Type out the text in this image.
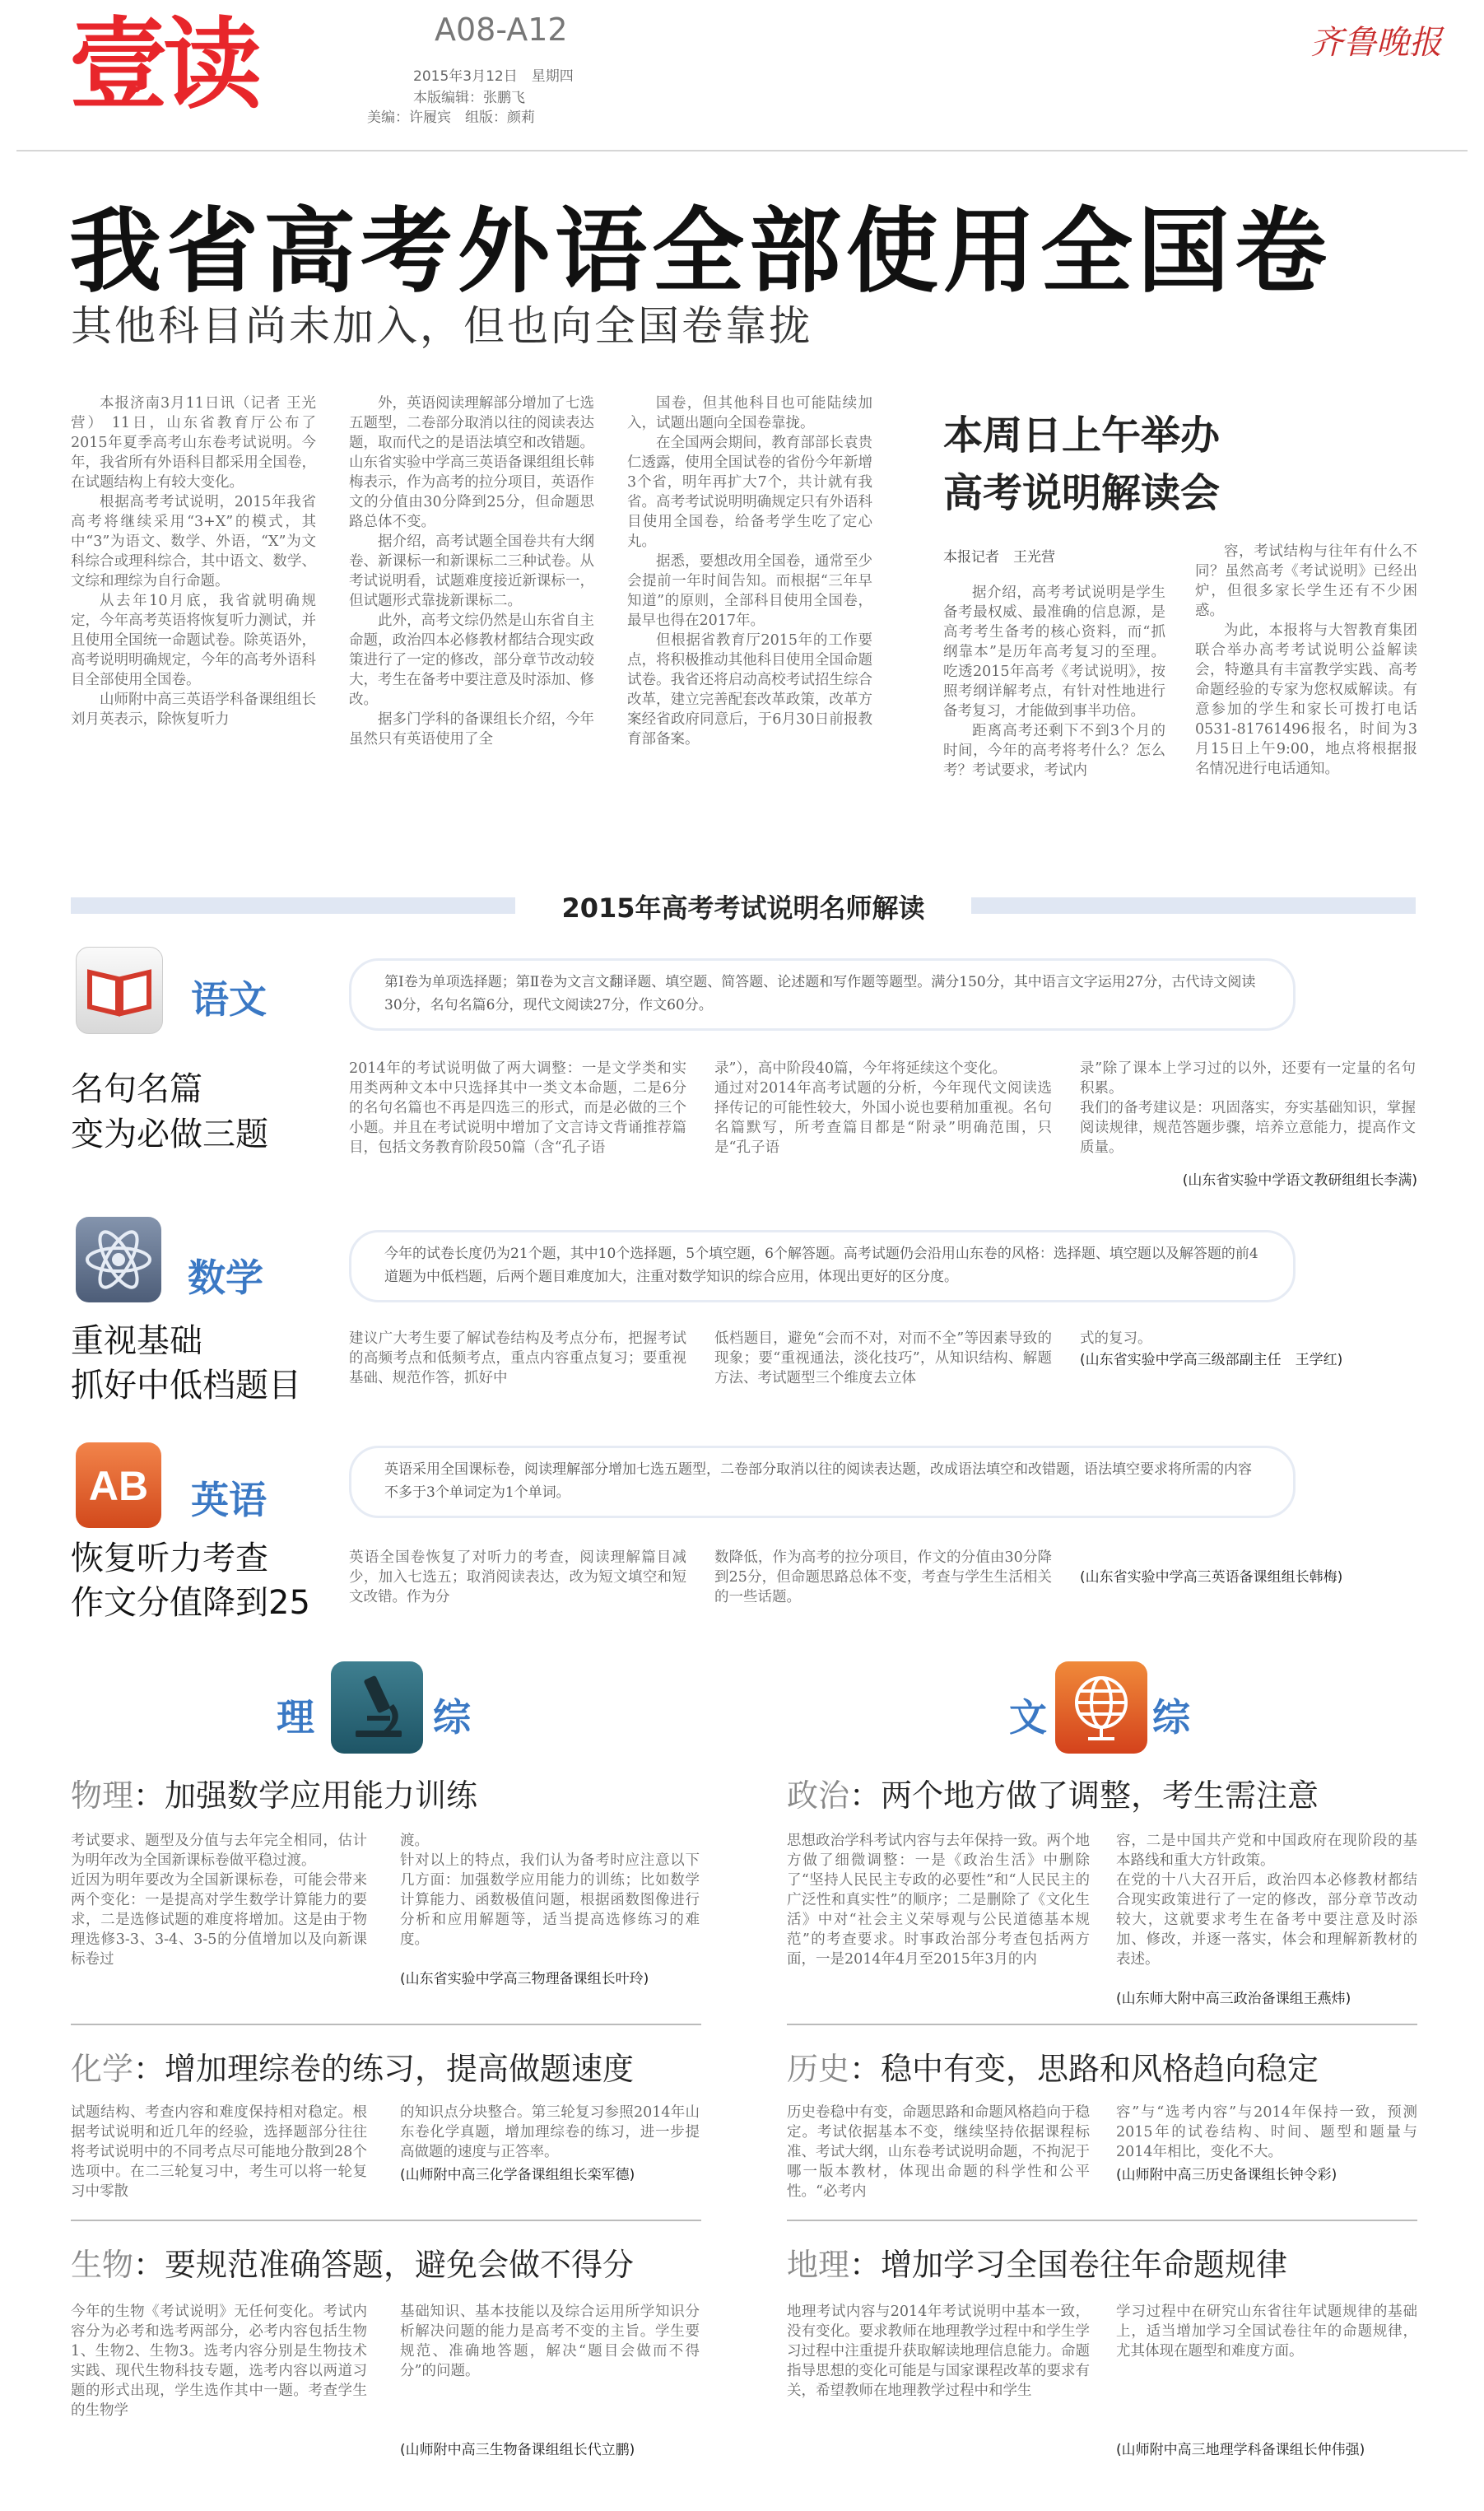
壹读	A08-A12
2015年3月12日　星期四
本版编辑：张鹏飞
美编：许履宾　组版：颜莉
齐鲁晚报
我省高考外语全部使用全国卷
其他科目尚未加入，但也向全国卷靠拢

本报济南3月11日讯（记者 王光营） 11日，山东省教育厅公布了2015年夏季高考山东卷考试说明。今年，我省所有外语科目都采用全国卷，在试题结构上有较大变化。

根据高考考试说明，2015年我省高考将继续采用“3+X”的模式，其中“3”为语文、数学、外语，“X”为文科综合或理科综合，其中语文、数学、文综和理综为自行命题。

从去年10月底，我省就明确规定，今年高考英语将恢复听力测试，并且使用全国统一命题试卷。除英语外，高考说明明确规定，今年的高考外语科目全部使用全国卷。

山师附中高三英语学科备课组组长刘月英表示，除恢复听力

外，英语阅读理解部分增加了七选五题型，二卷部分取消以往的阅读表达题，取而代之的是语法填空和改错题。山东省实验中学高三英语备课组组长韩梅表示，作为高考的拉分项目，英语作文的分值由30分降到25分，但命题思路总体不变。

据介绍，高考试题全国卷共有大纲卷、新课标一和新课标二三种试卷。从考试说明看，试题难度接近新课标一，但试题形式靠拢新课标二。

此外，高考文综仍然是山东省自主命题，政治四本必修教材都结合现实政策进行了一定的修改，部分章节改动较大，考生在备考中要注意及时添加、修改。

据多门学科的备课组长介绍，今年虽然只有英语使用了全

国卷，但其他科目也可能陆续加入，试题出题向全国卷靠拢。

在全国两会期间，教育部部长袁贵仁透露，使用全国试卷的省份今年新增3个省，明年再扩大7个，共计就有我省。高考考试说明明确规定只有外语科目使用全国卷，给备考学生吃了定心丸。

据悉，要想改用全国卷，通常至少会提前一年时间告知。而根据“三年早知道”的原则，全部科目使用全国卷，最早也得在2017年。

但根据省教育厅2015年的工作要点，将积极推动其他科目使用全国命题试卷。我省还将启动高校考试招生综合改革，建立完善配套改革政策，改革方案经省政府同意后，于6月30日前报教育部备案。

本周日上午举办
高考说明解读会
本报记者　王光营

据介绍，高考考试说明是学生备考最权威、最准确的信息源，是高考考生备考的核心资料，而“抓纲靠本”是历年高考复习的至理。吃透2015年高考《考试说明》，按照考纲详解考点，有针对性地进行备考复习，才能做到事半功倍。

距离高考还剩下不到3个月的时间，今年的高考将考什么？怎么考？考试要求，考试内

容，考试结构与往年有什么不同？虽然高考《考试说明》已经出炉，但很多家长学生还有不少困惑。

为此，本报将与大智教育集团联合举办高考考试说明公益解读会，特邀具有丰富教学实践、高考命题经验的专家为您权威解读。有意参加的学生和家长可拨打电话0531-81761496报名，时间为3月15日上午9:00，地点将根据报名情况进行电话通知。

2015年高考考试说明名师解读
语文
名句名篇
变为必做三题
第Ⅰ卷为单项选择题；第Ⅱ卷为文言文翻译题、填空题、简答题、论述题和写作题等题型。满分150分，其中语言文字运用27分，古代诗文阅读30分，名句名篇6分，现代文阅读27分，作文60分。
2014年的考试说明做了两大调整：一是文学类和实用类两种文本中只选择其中一类文本命题，二是6分的名句名篇也不再是四选三的形式，而是必做的三个小题。并且在考试说明中增加了文言诗文背诵推荐篇目，包括文务教育阶段50篇（含“孔子语
录”），高中阶段40篇，今年将延续这个变化。
通过对2014年高考试题的分析，今年现代文阅读选择传记的可能性较大，外国小说也要稍加重视。名句名篇默写，所考查篇目都是“附录”明确范围，只是“孔子语
录”除了课本上学习过的以外，还要有一定量的名句积累。
我们的备考建议是：巩固落实，夯实基础知识，掌握阅读规律，规范答题步骤，培养立意能力，提高作文质量。
(山东省实验中学语文教研组组长李满)
数学
重视基础
抓好中低档题目
今年的试卷长度仍为21个题，其中10个选择题，5个填空题，6个解答题。高考试题仍会沿用山东卷的风格：选择题、填空题以及解答题的前4道题为中低档题，后两个题目难度加大，注重对数学知识的综合应用，体现出更好的区分度。
建议广大考生要了解试卷结构及考点分布，把握考试的高频考点和低频考点，重点内容重点复习；要重视基础、规范作答，抓好中
低档题目，避免“会而不对，对而不全”等因素导致的现象；要“重视通法，淡化技巧”，从知识结构、解题方法、考试题型三个维度去立体
式的复习。
(山东省实验中学高三级部副主任　王学红)
AB 英语
恢复听力考查
作文分值降到25
英语采用全国课标卷，阅读理解部分增加七选五题型，二卷部分取消以往的阅读表达题，改成语法填空和改错题，语法填空要求将所需的内容不多于3个单词定为1个单词。
英语全国卷恢复了对听力的考查，阅读理解篇目减少，加入七选五；取消阅读表达，改为短文填空和短文改错。作为分
数降低，作为高考的拉分项目，作文的分值由30分降到25分，但命题思路总体不变，考查与学生生活相关的一些话题。
(山东省实验中学高三英语备课组组长韩梅)
理	综	文	综
物理：加强数学应用能力训练
考试要求、题型及分值与去年完全相同，估计为明年改为全国新课标卷做平稳过渡。
近因为明年要改为全国新课标卷，可能会带来两个变化：一是提高对学生数学计算能力的要求，二是选修试题的难度将增加。这是由于物理选修3-3、3-4、3-5的分值增加以及向新课标卷过
渡。
针对以上的特点，我们认为备考时应注意以下几方面：加强数学应用能力的训练；比如数学计算能力、函数极值问题，根据函数图像进行分析和应用解题等，适当提高选修练习的难度。
(山东省实验中学高三物理备课组长叶玲)
政治：两个地方做了调整，考生需注意
思想政治学科考试内容与去年保持一致。两个地方做了细微调整：一是《政治生活》中删除了“坚持人民民主专政的必要性”和“人民民主的广泛性和真实性”的顺序；二是删除了《文化生活》中对“社会主义荣辱观与公民道德基本规范”的考查要求。时事政治部分考查包括两方面，一是2014年4月至2015年3月的内
容，二是中国共产党和中国政府在现阶段的基本路线和重大方针政策。
在党的十八大召开后，政治四本必修教材都结合现实政策进行了一定的修改，部分章节改动较大，这就要求考生在备考中要注意及时添加、修改，并逐一落实，体会和理解新教材的表述。
(山东师大附中高三政治备课组王燕炜)
化学：增加理综卷的练习，提高做题速度
试题结构、考查内容和难度保持相对稳定。根据考试说明和近几年的经验，选择题部分往往将考试说明中的不同考点尽可能地分散到28个选项中。在二三轮复习中，考生可以将一轮复习中零散
的知识点分块整合。第三轮复习参照2014年山东卷化学真题，增加理综卷的练习，进一步提高做题的速度与正答率。
(山师附中高三化学备课组组长栾军德)
历史：稳中有变，思路和风格趋向稳定
历史卷稳中有变，命题思路和命题风格趋向于稳定。考试依据基本不变，继续坚持依据课程标准、考试大纲，山东卷考试说明命题，不拘泥于哪一版本教材，体现出命题的科学性和公平性。“必考内
容”与“选考内容”与2014年保持一致，预测2015年的试卷结构、时间、题型和题量与2014年相比，变化不大。
(山师附中高三历史备课组长钟令彩)
生物：要规范准确答题，避免会做不得分
今年的生物《考试说明》无任何变化。考试内容分为必考和选考两部分，必考内容包括生物1、生物2、生物3。选考内容分别是生物技术实践、现代生物科技专题，选考内容以两道习题的形式出现，学生选作其中一题。考查学生的生物学
基础知识、基本技能以及综合运用所学知识分析解决问题的能力是高考不变的主旨。学生要规范、准确地答题，解决“题目会做而不得分”的问题。
(山师附中高三生物备课组组长代立鹏)
地理：增加学习全国卷往年命题规律
地理考试内容与2014年考试说明中基本一致，没有变化。要求教师在地理教学过程中和学生学习过程中注重提升获取解读地理信息能力。命题指导思想的变化可能是与国家课程改革的要求有关，希望教师在地理教学过程中和学生
学习过程中在研究山东省往年试题规律的基础上，适当增加学习全国试卷往年的命题规律，尤其体现在题型和难度方面。
(山师附中高三地理学科备课组长仲伟强)
